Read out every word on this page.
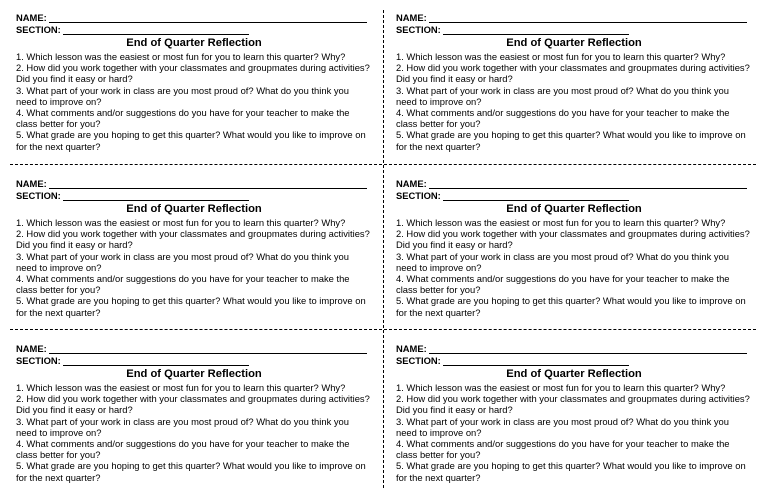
NAME:
SECTION:
End of Quarter Reflection

1. Which lesson was the easiest or most fun for you to learn this quarter? Why?

2. How did you work together with your classmates and groupmates during activities? Did you find it easy or hard?

3. What part of your work in class are you most proud of? What do you think you need to improve on?

4. What comments and/or suggestions do you have for your teacher to make the class better for you?

5. What grade are you hoping to get this quarter? What would you like to improve on for the next quarter?

NAME:
SECTION:
End of Quarter Reflection

1. Which lesson was the easiest or most fun for you to learn this quarter? Why?

2. How did you work together with your classmates and groupmates during activities? Did you find it easy or hard?

3. What part of your work in class are you most proud of? What do you think you need to improve on?

4. What comments and/or suggestions do you have for your teacher to make the class better for you?

5. What grade are you hoping to get this quarter? What would you like to improve on for the next quarter?

NAME:
SECTION:
End of Quarter Reflection

1. Which lesson was the easiest or most fun for you to learn this quarter? Why?

2. How did you work together with your classmates and groupmates during activities? Did you find it easy or hard?

3. What part of your work in class are you most proud of? What do you think you need to improve on?

4. What comments and/or suggestions do you have for your teacher to make the class better for you?

5. What grade are you hoping to get this quarter? What would you like to improve on for the next quarter?

NAME:
SECTION:
End of Quarter Reflection

1. Which lesson was the easiest or most fun for you to learn this quarter? Why?

2. How did you work together with your classmates and groupmates during activities? Did you find it easy or hard?

3. What part of your work in class are you most proud of? What do you think you need to improve on?

4. What comments and/or suggestions do you have for your teacher to make the class better for you?

5. What grade are you hoping to get this quarter? What would you like to improve on for the next quarter?

NAME:
SECTION:
End of Quarter Reflection

1. Which lesson was the easiest or most fun for you to learn this quarter? Why?

2. How did you work together with your classmates and groupmates during activities? Did you find it easy or hard?

3. What part of your work in class are you most proud of? What do you think you need to improve on?

4. What comments and/or suggestions do you have for your teacher to make the class better for you?

5. What grade are you hoping to get this quarter? What would you like to improve on for the next quarter?

NAME:
SECTION:
End of Quarter Reflection

1. Which lesson was the easiest or most fun for you to learn this quarter? Why?

2. How did you work together with your classmates and groupmates during activities? Did you find it easy or hard?

3. What part of your work in class are you most proud of? What do you think you need to improve on?

4. What comments and/or suggestions do you have for your teacher to make the class better for you?

5. What grade are you hoping to get this quarter? What would you like to improve on for the next quarter?
